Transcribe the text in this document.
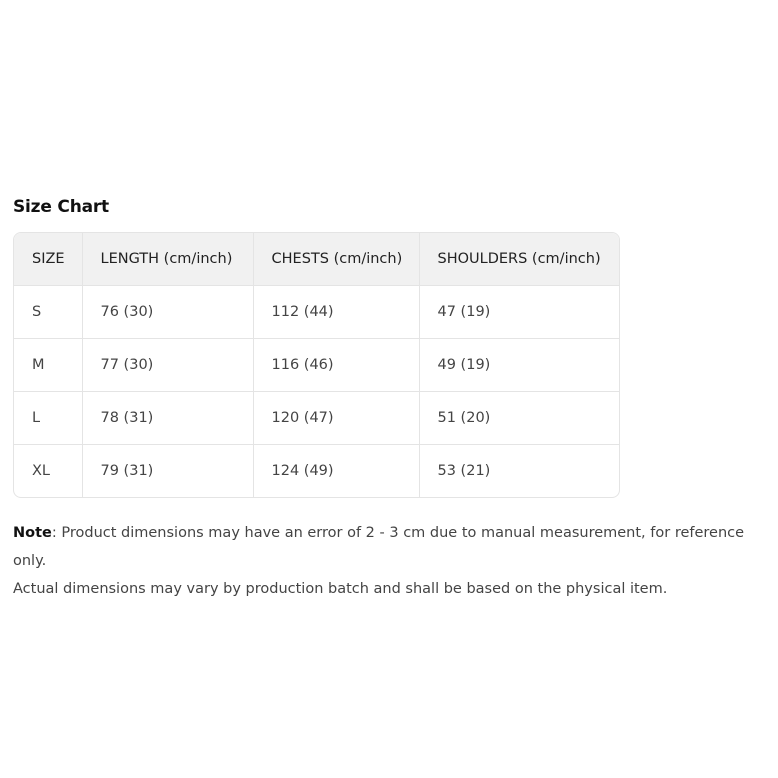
Size Chart
SIZE	LENGTH (cm/inch)	CHESTS (cm/inch)	SHOULDERS (cm/inch)
S	76 (30)	112 (44)	47 (19)
M	77 (30)	116 (46)	49 (19)
L	78 (31)	120 (47)	51 (20)
XL	79 (31)	124 (49)	53 (21)
Note: Product dimensions may have an error of 2 - 3 cm due to manual measurement, for reference only.
Actual dimensions may vary by production batch and shall be based on the physical item.
